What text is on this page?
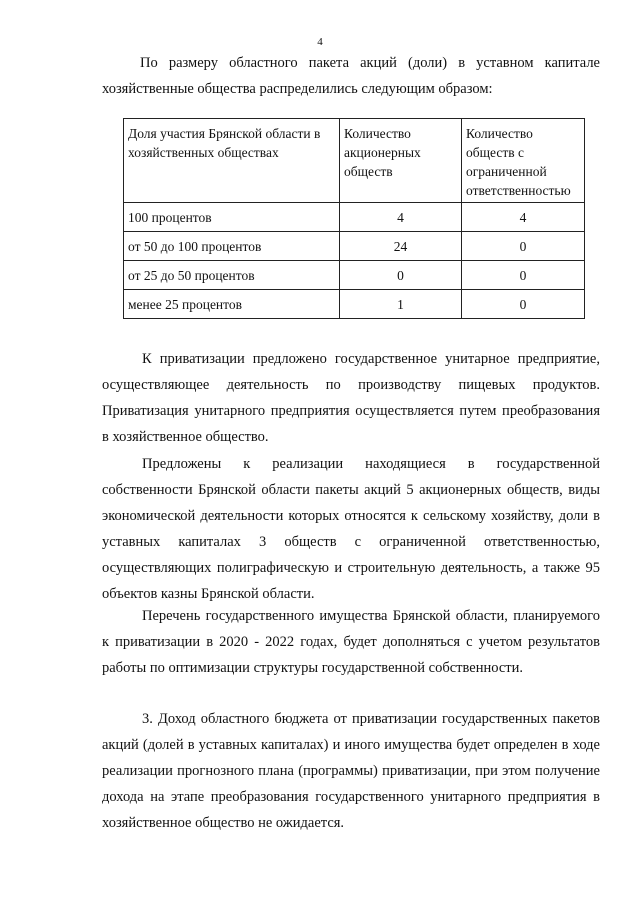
4

По размеру областного пакета акций (доли) в уставном капитале хозяйственные общества распределились следующим образом:

Доля участия Брянской области в хозяйственных обществах	Количество акционерных обществ	Количество обществ с ограниченной ответственностью
100 процентов	4	4
от 50 до 100 процентов	24	0
от 25 до 50 процентов	0	0
менее 25 процентов	1	0

К приватизации предложено государственное унитарное предприятие, осуществляющее деятельность по производству пищевых продуктов. Приватизация унитарного предприятия осуществляется путем преобразования в хозяйственное общество.

Предложены к реализации находящиеся в государственной собственности Брянской области пакеты акций 5 акционерных обществ, виды экономической деятельности которых относятся к сельскому хозяйству, доли в уставных капиталах 3 обществ с ограниченной ответственностью, осуществляющих полиграфическую и строительную деятельность, а также 95 объектов казны Брянской области.

Перечень государственного имущества Брянской области, планируемого к приватизации в 2020 - 2022 годах, будет дополняться с учетом результатов работы по оптимизации структуры государственной собственности.

3. Доход областного бюджета от приватизации государственных пакетов акций (долей в уставных капиталах) и иного имущества будет определен в ходе реализации прогнозного плана (программы) приватизации, при этом получение дохода на этапе преобразования государственного унитарного предприятия в хозяйственное общество не ожидается.
